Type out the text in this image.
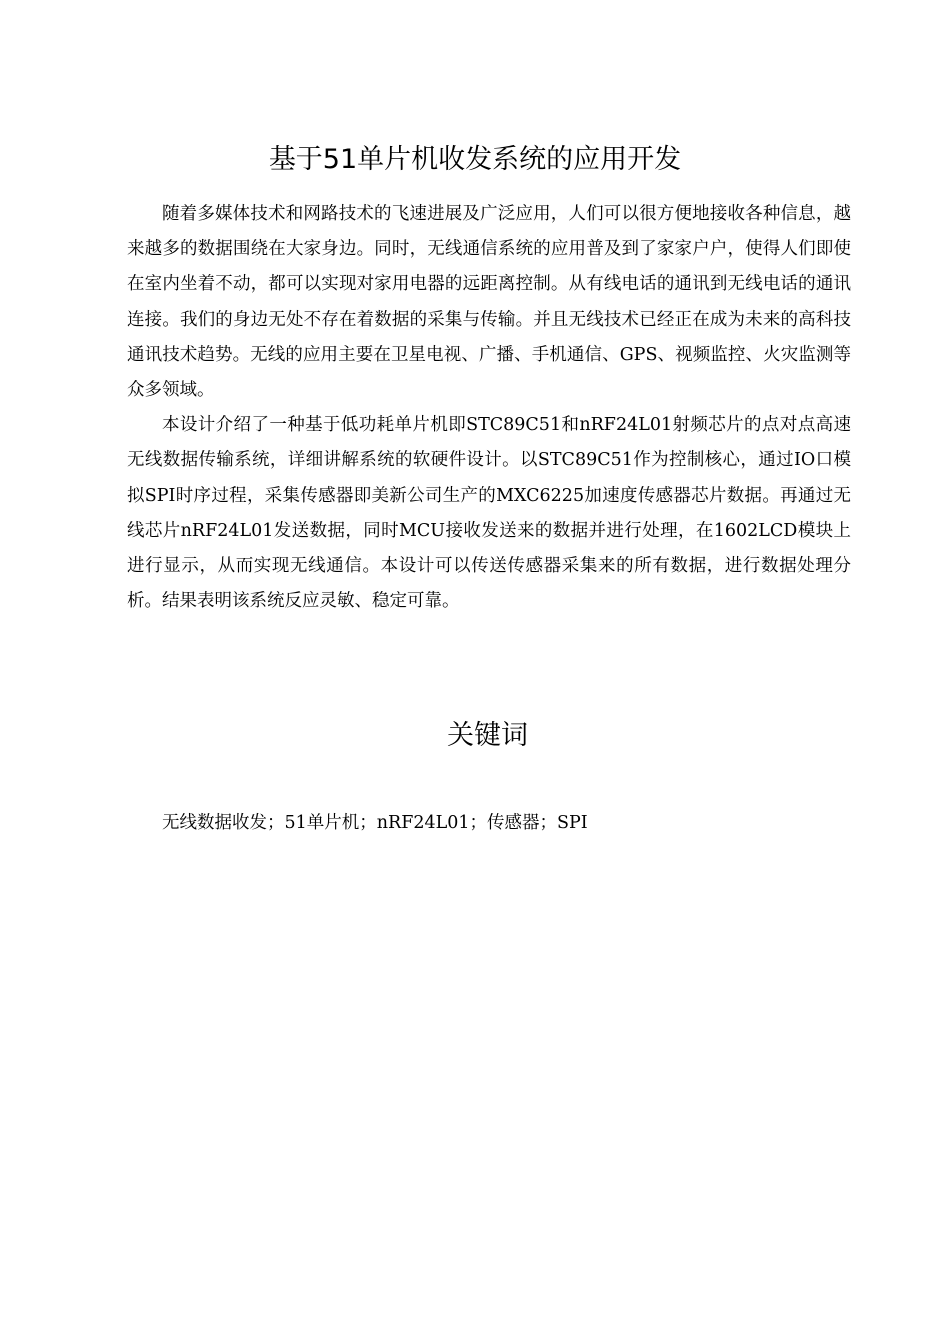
基于51单片机收发系统的应用开发

随着多媒体技术和网路技术的飞速进展及广泛应用，人们可以很方便地接收各种信息，越来越多的数据围绕在大家身边。同时，无线通信系统的应用普及到了家家户户，使得人们即使在室内坐着不动，都可以实现对家用电器的远距离控制。从有线电话的通讯到无线电话的通讯连接。我们的身边无处不存在着数据的采集与传输。并且无线技术已经正在成为未来的高科技通讯技术趋势。无线的应用主要在卫星电视、广播、手机通信、GPS、视频监控、火灾监测等众多领域。

本设计介绍了一种基于低功耗单片机即STC89C51和nRF24L01射频芯片的点对点高速无线数据传输系统，详细讲解系统的软硬件设计。以STC89C51作为控制核心，通过IO口模拟SPI时序过程，采集传感器即美新公司生产的MXC6225加速度传感器芯片数据。再通过无线芯片nRF24L01发送数据，同时MCU接收发送来的数据并进行处理，在1602LCD模块上进行显示，从而实现无线通信。本设计可以传送传感器采集来的所有数据，进行数据处理分析。结果表明该系统反应灵敏、稳定可靠。

关键词

无线数据收发；51单片机；nRF24L01；传感器；SPI
